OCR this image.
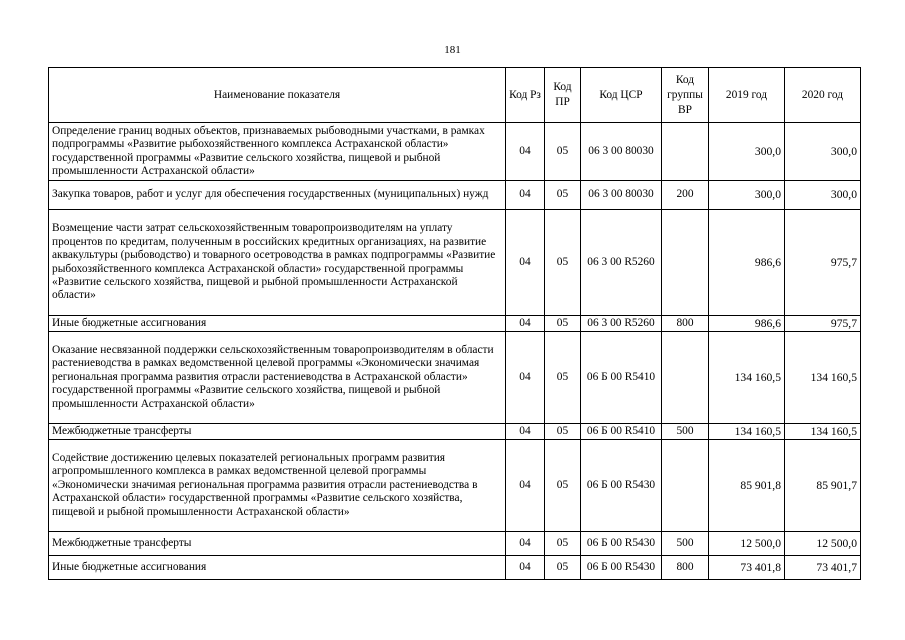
181
Наименование показателя	Код Рз	Код ПР	Код ЦСР	Код группы ВР	2019 год	2020 год
Определение границ водных объектов, признаваемых рыбоводными участками, в рамках подпрограммы «Развитие рыбохозяйственного комплекса Астраханской области» государственной программы «Развитие сельского хозяйства, пищевой и рыбной промышленности Астраханской области»	04	05	06 3 00 80030		300,0	300,0
Закупка товаров, работ и услуг для обеспечения государственных (муниципальных) нужд	04	05	06 3 00 80030	200	300,0	300,0
Возмещение части затрат сельскохозяйственным товаропроизводителям на уплату процентов по кредитам, полученным в российских кредитных организациях, на развитие аквакультуры (рыбоводство) и товарного осетроводства в рамках подпрограммы «Развитие рыбохозяйственного комплекса Астраханской области» государственной программы «Развитие сельского хозяйства, пищевой и рыбной промышленности Астраханской области»	04	05	06 3 00 R5260		986,6	975,7
Иные бюджетные ассигнования	04	05	06 3 00 R5260	800	986,6	975,7
Оказание несвязанной поддержки сельскохозяйственным товаропроизводителям в области растениеводства в рамках ведомственной целевой программы «Экономически значимая региональная программа развития отрасли растениеводства в Астраханской области» государственной программы «Развитие сельского хозяйства, пищевой и рыбной промышленности Астраханской области»	04	05	06 Б 00 R5410		134 160,5	134 160,5
Межбюджетные трансферты	04	05	06 Б 00 R5410	500	134 160,5	134 160,5
Содействие достижению целевых показателей региональных программ развития агропромышленного комплекса в рамках ведомственной целевой программы «Экономически значимая региональная программа развития отрасли растениеводства в Астраханской области» государственной программы «Развитие сельского хозяйства, пищевой и рыбной промышленности Астраханской области»	04	05	06 Б 00 R5430		85 901,8	85 901,7
Межбюджетные трансферты	04	05	06 Б 00 R5430	500	12 500,0	12 500,0
Иные бюджетные ассигнования	04	05	06 Б 00 R5430	800	73 401,8	73 401,7
